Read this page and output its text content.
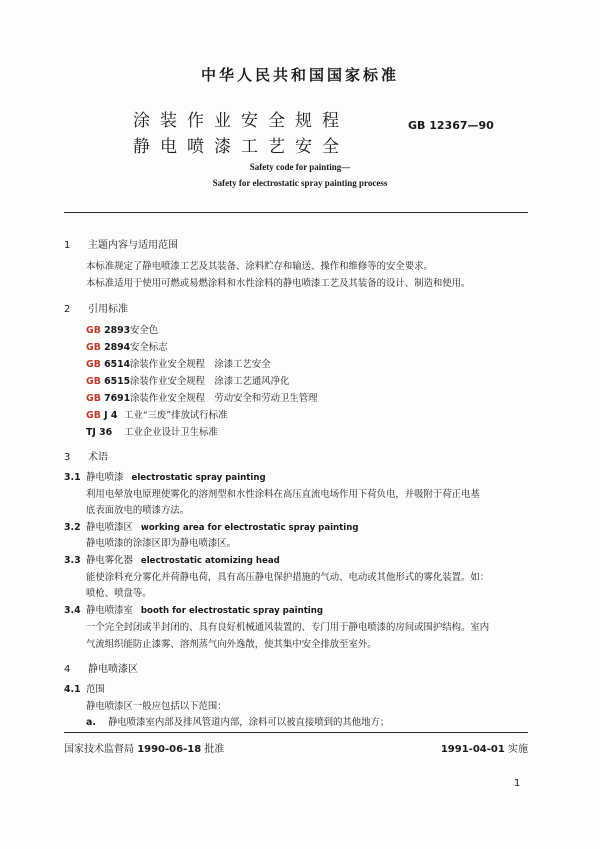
中华人民共和国国家标准
涂装作业安全规程
静电喷漆工艺安全
GB 12367—90
Safety code for painting—
Safety for electrostatic spray painting process
1 主题内容与适用范围
本标准规定了静电喷漆工艺及其装备、涂料贮存和输送、操作和维修等的安全要求。
本标准适用于使用可燃或易燃涂料和水性涂料的静电喷漆工艺及其装备的设计、制造和使用。
2 引用标准
GB 2893安全色
GB 2894安全标志
GB 6514涂装作业安全规程　涂漆工艺安全
GB 6515涂装作业安全规程　涂漆工艺通风净化
GB 7691涂装作业安全规程　劳动安全和劳动卫生管理
GB J 4 工业“三废”排放试行标准
TJ 36 工业企业设计卫生标准
3 术语
3.1 静电喷漆 electrostatic spray painting
利用电晕放电原理使雾化的溶剂型和水性涂料在高压直流电场作用下荷负电，并吸附于荷正电基
底表面放电的喷漆方法。
3.2 静电喷漆区 working area for electrostatic spray painting
静电喷漆的涂漆区即为静电喷漆区。
3.3 静电雾化器 electrostatic atomizing head
能使涂料充分雾化并荷静电荷，具有高压静电保护措施的气动、电动或其他形式的雾化装置。如：
喷枪、喷盘等。
3.4 静电喷漆室 booth for electrostatic spray painting
一个完全封闭或半封闭的、具有良好机械通风装置的、专门用于静电喷漆的房间或围护结构。室内
气流组织能防止漆雾、溶剂蒸气向外逸散，使其集中安全排放至室外。
4 静电喷漆区
4.1 范围
静电喷漆区一般应包括以下范围：
a. 静电喷漆室内部及排风管道内部，涂料可以被直接喷到的其他地方；
国家技术监督局 1990-06-18 批准	1991-04-01 实施
1
